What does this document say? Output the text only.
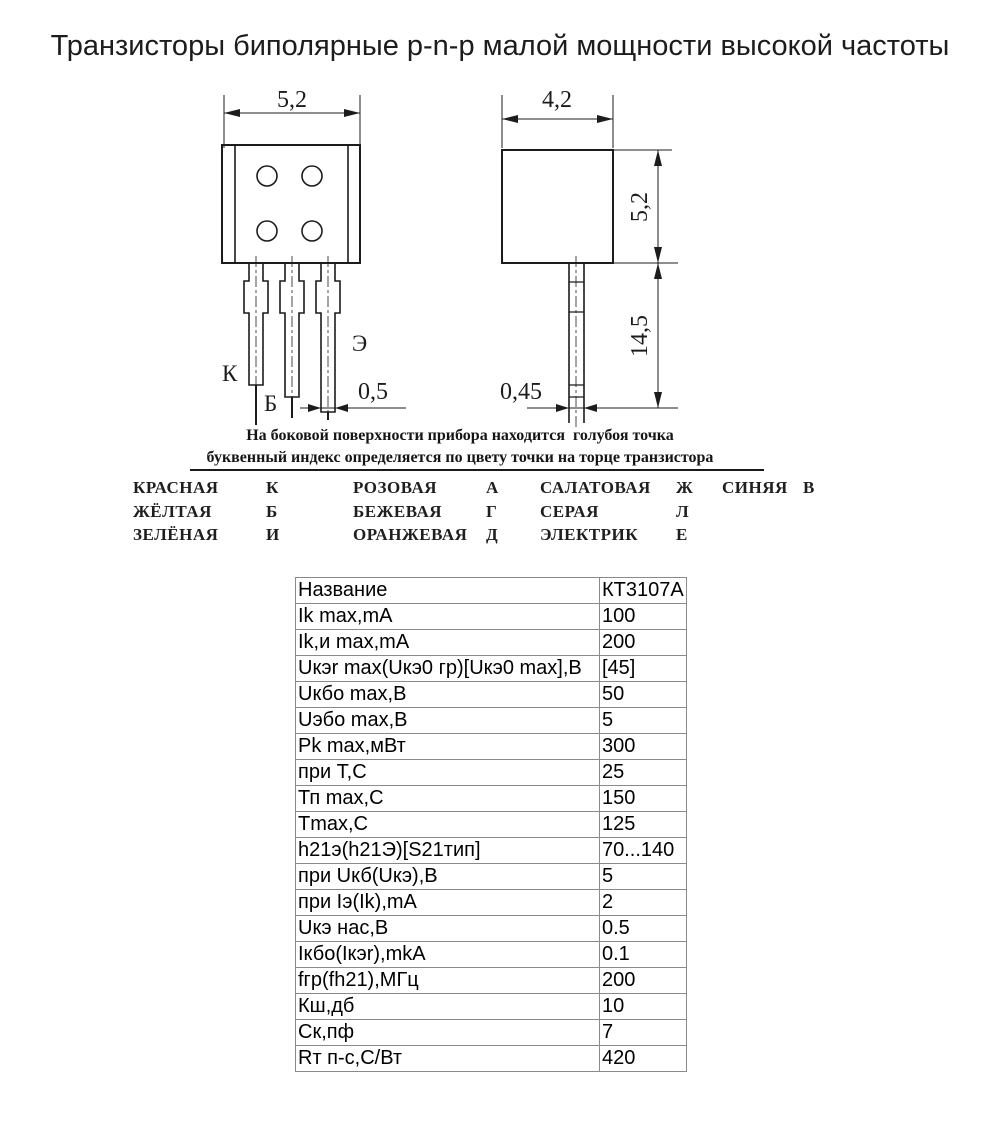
Транзисторы биполярные p-n-p малой мощности высокой частоты
5,2
0,5
К
Б
Э
4,2
5,2
14,5
0,45
На боковой поверхности прибора находится  голубоя точка
буквенный индекс определяется по цвету точки на торце транзистора
КРАСНАЯ	К	РОЗОВАЯ	А САЛАТОВАЯ Ж СИНЯЯ В
ЖЁЛТАЯ	Б	БЕЖЕВАЯ	Г	СЕРАЯ	Л
ЗЕЛЁНАЯ	И	ОРАНЖЕВАЯ Д ЭЛЕКТРИК Е
Название	КТ3107А
Ik max,mA	100
Ik,и max,mA	200
Uкэr max(Uкэ0 гр)[Uкэ0 max],В	[45]
Uкбо max,В	50
Uэбо max,В	5
Pk max,мВт	300
при Т,С	25
Тп max,С	150
Tmax,C	125
h21э(h21Э)[S21тип]	70...140
при Uкб(Uкэ),В	5
при Iэ(Ik),mA	2
Uкэ нас,В	0.5
Iкбо(Iкэr),mkA	0.1
fгр(fh21),МГц	200
Кш,дб	10
Ск,пф	7
Rт п-с,С/Вт	420
